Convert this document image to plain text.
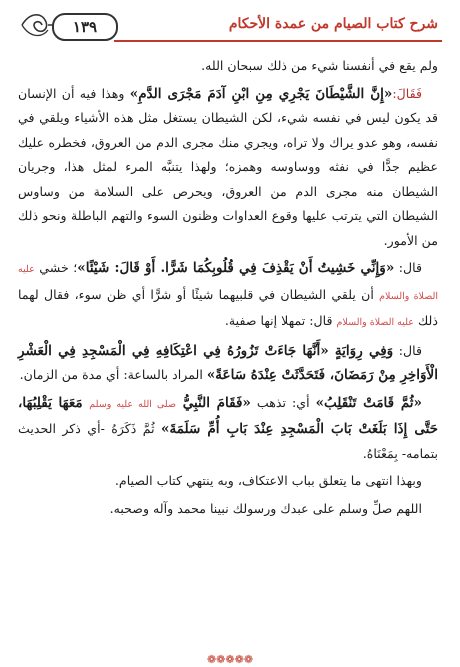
١٣٩	شرح كتاب الصيام من عمدة الأحكام

ولم يقع في أنفسنا شيء من ذلك سبحان الله.

فَقَالَ:«إِنَّ الشَّيْطَانَ يَجْرِي مِنِ ابْنِ آدَمَ مَجْرَى الدَّمِ» وهذا فيه أن الإنسان قد يكون ليس في نفسه شيء، لكن الشيطان يستغل مثل هذه الأشياء ويلقي في نفسه، وهو عدو يراك ولا تراه، ويجري منك مجرى الدم من العروق، فخطره عليك عظيم جدًّا في نفثه ووساوسه وهمزه؛ ولهذا يتنبَّه المرء لمثل هذا، وجريان الشيطان منه مجرى الدم من العروق، ويحرص على السلامة من وساوس الشيطان التي يترتب عليها وقوع العداوات وظنون السوء والتهم الباطلة ونحو ذلك من الأمور.

قال: «وَإِنِّي خَشِيتُ أَنْ يَقْذِفَ فِي قُلُوبِكُمَا شَرًّا. أَوْ قَالَ: شَيْئًا»؛ خشي عليه الصلاة والسلام أن يلقي الشيطان في قلبيهما شيئًا أو شرًّا أي ظن سوء، فقال لهما ذلك عليه الصلاة والسلام قال: تمهلا إنها صفية.

قال: وَفِي رِوَايَةٍ «أَنَّهَا جَاءَتْ تَزُورُهُ فِي اعْتِكَافِهِ فِي الْمَسْجِدِ فِي الْعَشْرِ الْأَوَاخِرِ مِنْ رَمَضَانَ، فَتَحَدَّثَتْ عِنْدَهُ سَاعَةً» المراد بالساعة: أي مدة من الزمان.

«ثُمَّ قَامَتْ تَنْقَلِبُ» أي: تذهب «فَقَامَ النَّبِيُّ صلى الله عليه وسلم مَعَهَا يَقْلِبُهَا، حَتَّى إِذَا بَلَغَتْ بَابَ الْمَسْجِدِ عِنْدَ بَابِ أُمِّ سَلَمَةَ» ثُمَّ ذَكَرَهُ -أي ذكر الحديث بتمامه- بِمَعْنَاهُ.

وبهذا انتهى ما يتعلق بباب الاعتكاف، وبه ينتهي كتاب الصيام.

اللهم صلِّ وسلم على عبدك ورسولك نبينا محمد وآله وصحبه.

❁❁❁❁❁
